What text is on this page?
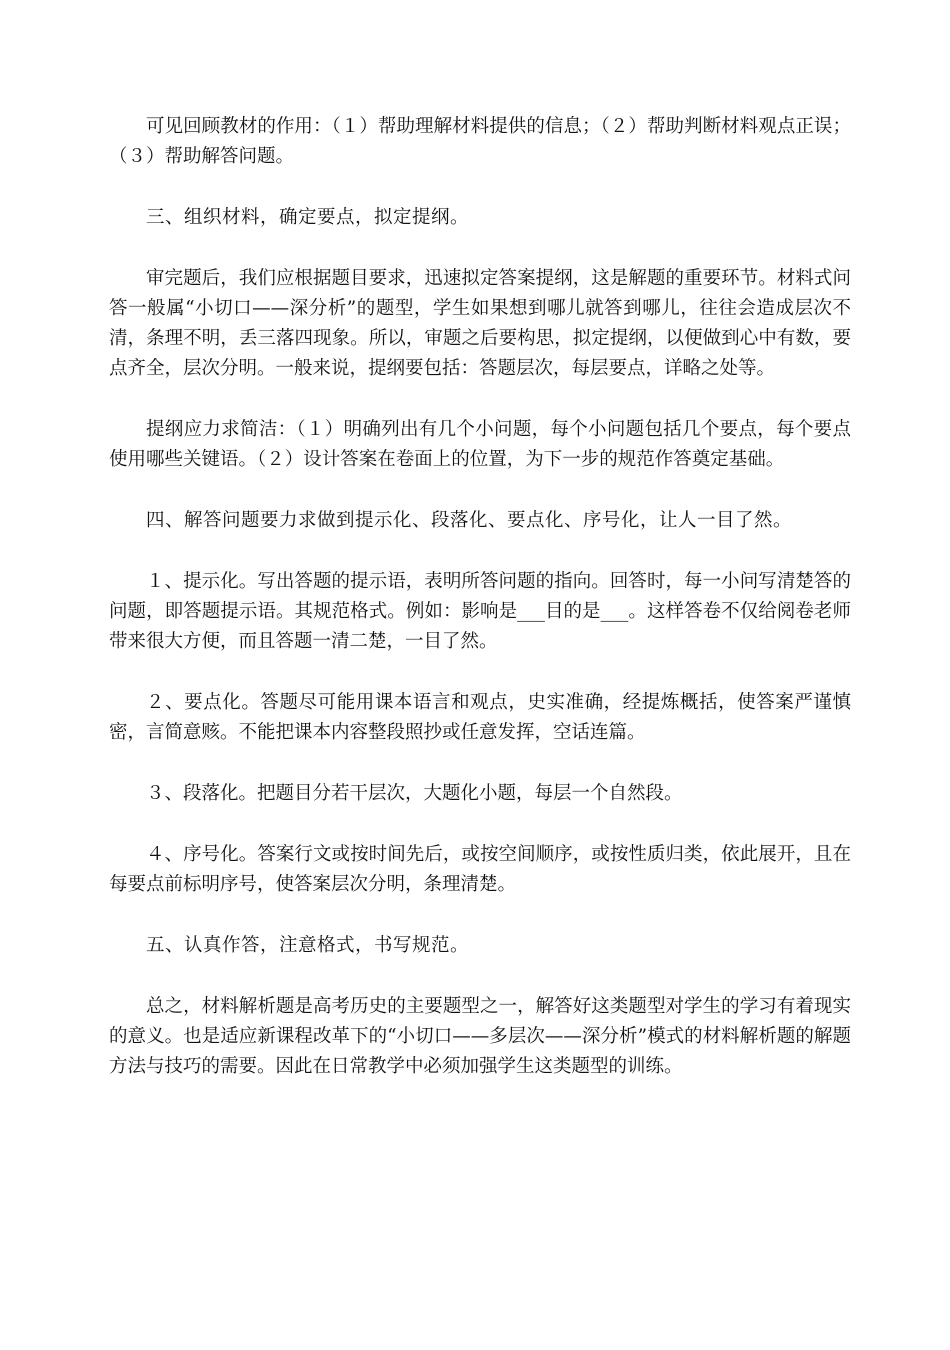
可见回顾教材的作用：（１）帮助理解材料提供的信息；（２）帮助判断材料观点正误；（３）帮助解答问题。

三、组织材料，确定要点，拟定提纲。

审完题后，我们应根据题目要求，迅速拟定答案提纲，这是解题的重要环节。材料式问答一般属“小切口——深分析”的题型，学生如果想到哪儿就答到哪儿，往往会造成层次不清，条理不明，丢三落四现象。所以，审题之后要构思，拟定提纲，以便做到心中有数，要点齐全，层次分明。一般来说，提纲要包括：答题层次，每层要点，详略之处等。

提纲应力求简洁：（１）明确列出有几个小问题，每个小问题包括几个要点，每个要点使用哪些关键语。（２）设计答案在卷面上的位置，为下一步的规范作答奠定基础。

四、解答问题要力求做到提示化、段落化、要点化、序号化，让人一目了然。

１、提示化。写出答题的提示语，表明所答问题的指向。回答时，每一小问写清楚答的问题，即答题提示语。其规范格式。例如：影响是___目的是___。这样答卷不仅给阅卷老师带来很大方便，而且答题一清二楚，一目了然。

２、要点化。答题尽可能用课本语言和观点，史实准确，经提炼概括，使答案严谨慎密，言简意赅。不能把课本内容整段照抄或任意发挥，空话连篇。

３、段落化。把题目分若干层次，大题化小题，每层一个自然段。

４、序号化。答案行文或按时间先后，或按空间顺序，或按性质归类，依此展开，且在每要点前标明序号，使答案层次分明，条理清楚。

五、认真作答，注意格式，书写规范。

总之，材料解析题是高考历史的主要题型之一，解答好这类题型对学生的学习有着现实的意义。也是适应新课程改革下的“小切口——多层次——深分析”模式的材料解析题的解题方法与技巧的需要。因此在日常教学中必须加强学生这类题型的训练。
